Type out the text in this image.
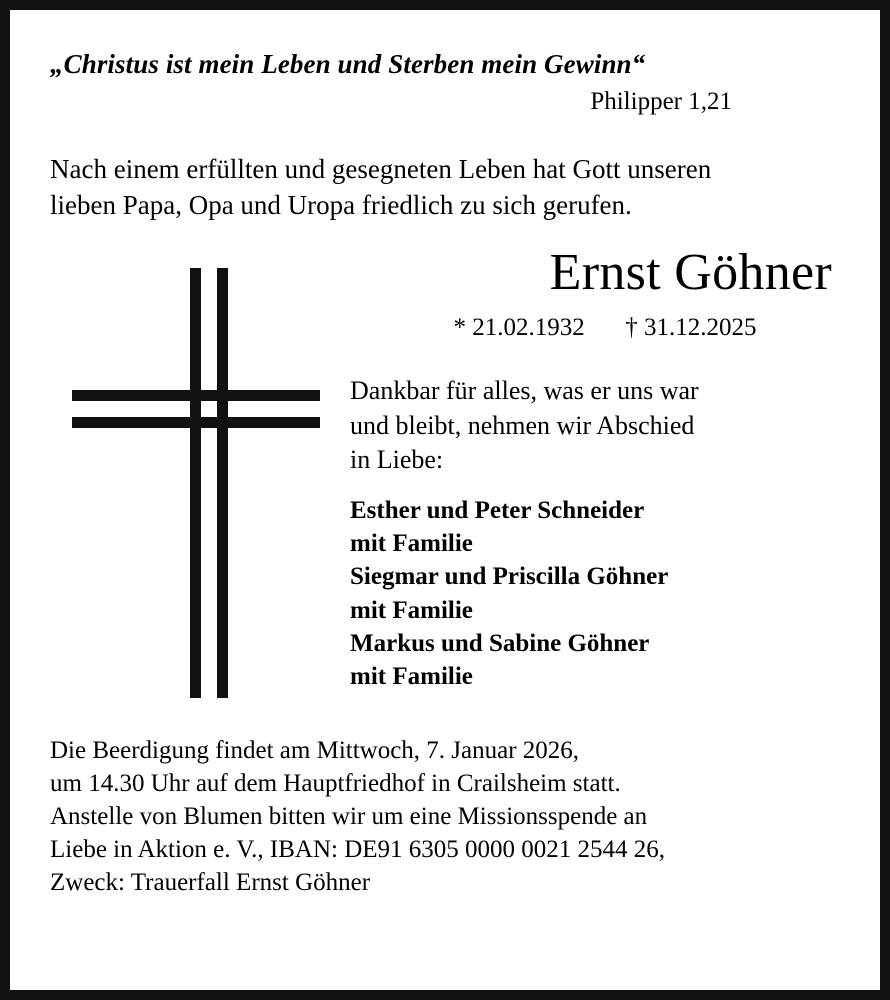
„Christus ist mein Leben und Sterben mein Gewinn“
Philipper 1,21
Nach einem erfüllten und gesegneten Leben hat Gott unseren
lieben Papa, Opa und Uropa friedlich zu sich gerufen.
Ernst Göhner
* 21.02.1932 † 31.12.2025
Dankbar für alles, was er uns war
und bleibt, nehmen wir Abschied
in Liebe:
Esther und Peter Schneider
mit Familie
Siegmar und Priscilla Göhner
mit Familie
Markus und Sabine Göhner
mit Familie
Die Beerdigung findet am Mittwoch, 7. Januar 2026,
um 14.30 Uhr auf dem Hauptfriedhof in Crailsheim statt.
Anstelle von Blumen bitten wir um eine Missionsspende an
Liebe in Aktion e. V., IBAN: DE91 6305 0000 0021 2544 26,
Zweck: Trauerfall Ernst Göhner
